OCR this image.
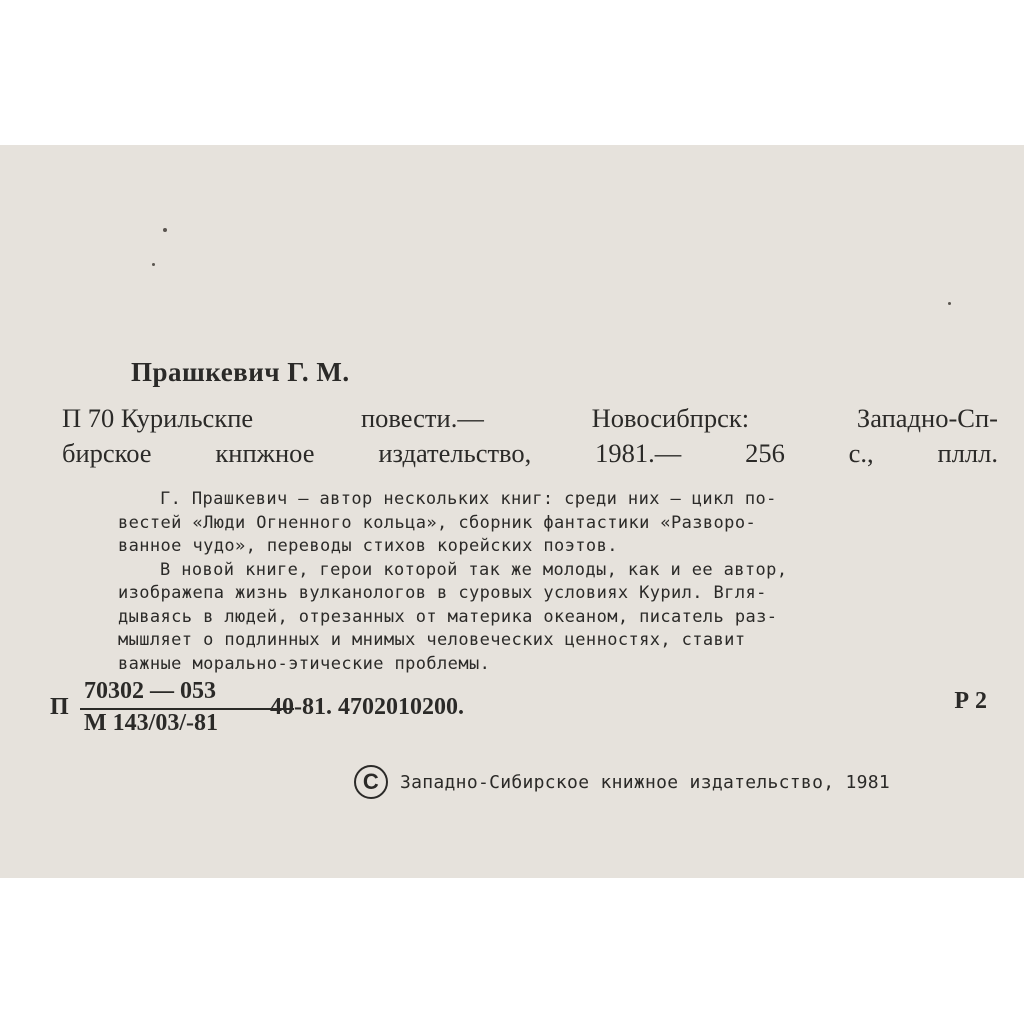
Прашкевич Г. М.
П 70 Курильскпе	повести.—	Новосибпрск:	Западно-Сп-
бирское кнпжное издательство, 1981.— 256 с., пллл.
Г. Прашкевич — автор нескольких книг: среди них — цикл по-
вестей «Люди Огненного кольца», сборник фантастики «Разворо-
ванное чудо», переводы стихов корейских поэтов.
В новой книге, герои которой так же молоды, как и ее автор,
изображепа жизнь вулканологов в суровых условиях Курил. Вгля-
дываясь в людей, отрезанных от материка океаном, писатель раз-
мышляет о подлинных и мнимых человеческих ценностях, ставит
важные морально-этические проблемы.
П
70302 — 053
М 143/03/-81
40-81. 4702010200.	Р 2
C	Западно-Сибирское книжное издательство, 1981
